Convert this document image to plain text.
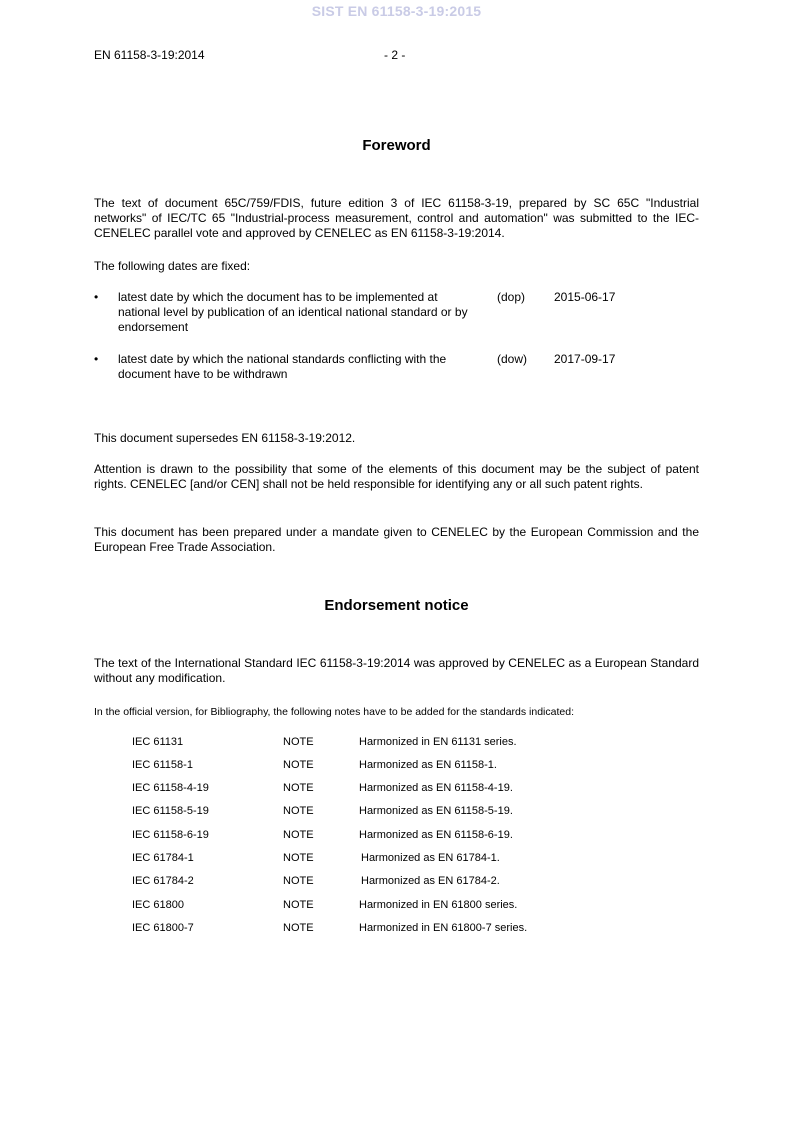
SIST EN 61158-3-19:2015
EN 61158-3-19:2014	- 2 -
Foreword
The text of document 65C/759/FDIS, future edition 3 of IEC 61158-3-19, prepared by SC 65C "Industrial networks" of IEC/TC 65 "Industrial-process measurement, control and automation" was submitted to the IEC-CENELEC parallel vote and approved by CENELEC as EN 61158-3-19:2014.
The following dates are fixed:
• latest date by which the document has to be implemented at national level by publication of an identical national standard or by endorsement
(dop) 2015-06-17
• latest date by which the national standards conflicting with the document have to be withdrawn
(dow) 2017-09-17
This document supersedes EN 61158-3-19:2012.
Attention is drawn to the possibility that some of the elements of this document may be the subject of patent rights. CENELEC [and/or CEN] shall not be held responsible for identifying any or all such patent rights.
This document has been prepared under a mandate given to CENELEC by the European Commission and the European Free Trade Association.
Endorsement notice
The text of the International Standard IEC 61158-3-19:2014 was approved by CENELEC as a European Standard without any modification.
In the official version, for Bibliography, the following notes have to be added for the standards indicated:
IEC 61131	NOTE	Harmonized in EN 61131 series.
IEC 61158-1	NOTE	Harmonized as EN 61158-1.
IEC 61158-4-19	NOTE	Harmonized as EN 61158-4-19.
IEC 61158-5-19	NOTE	Harmonized as EN 61158-5-19.
IEC 61158-6-19	NOTE	Harmonized as EN 61158-6-19.
IEC 61784-1	NOTE	Harmonized as EN 61784-1.
IEC 61784-2	NOTE	Harmonized as EN 61784-2.
IEC 61800	NOTE	Harmonized in EN 61800 series.
IEC 61800-7	NOTE	Harmonized in EN 61800-7 series.
